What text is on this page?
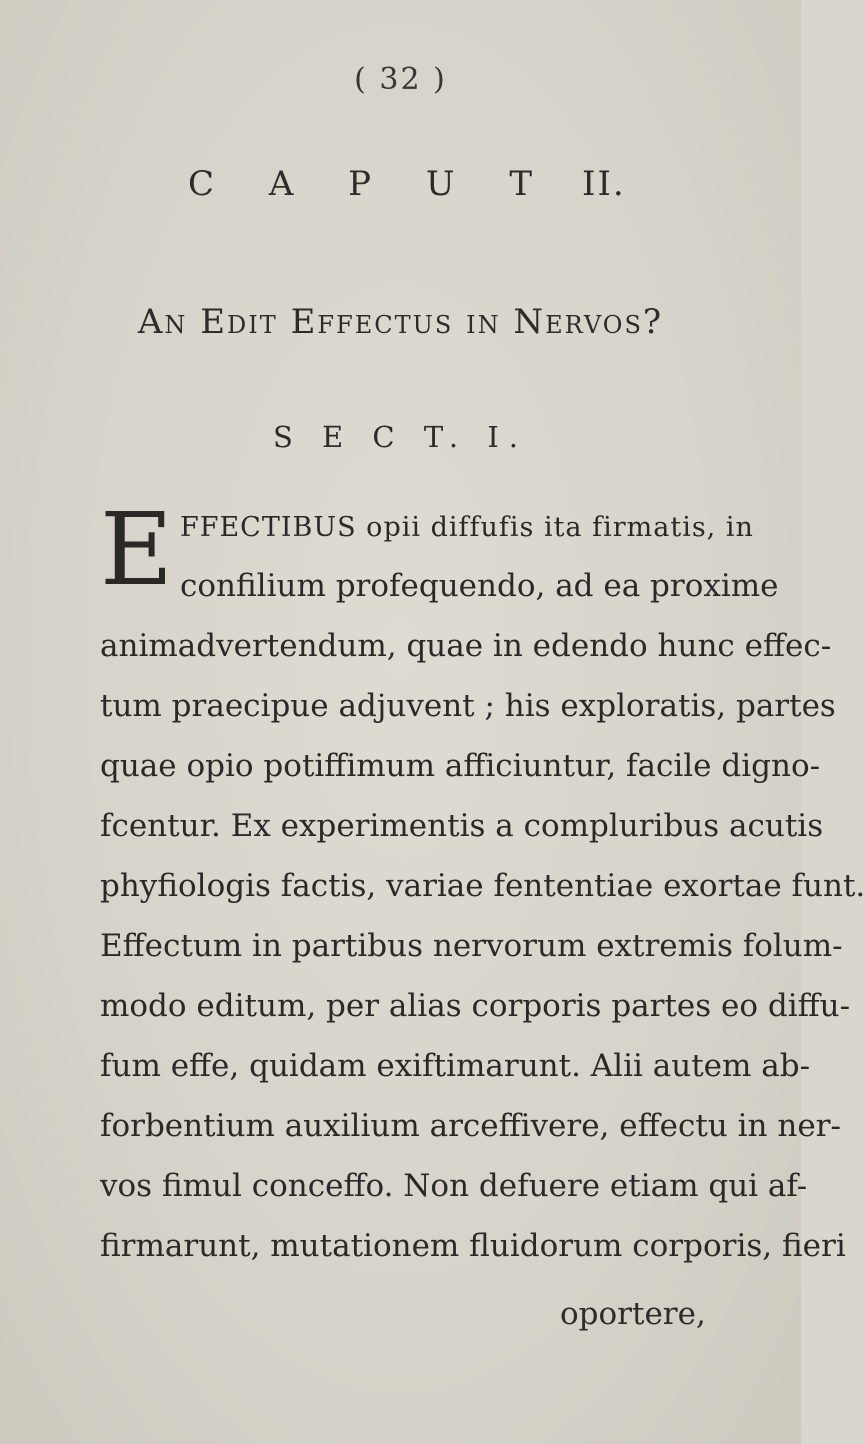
( 32 )
C A P U T II.
An Edit Effectus in Nervos?
S E C T. I.
E FFECTIBUS opii diffufis ita firmatis, in
confilium profequendo, ad ea proxime
animadvertendum, quae in edendo hunc effec-
tum praecipue adjuvent ; his exploratis, partes
quae opio potiffimum afficiuntur, facile digno-
fcentur. Ex experimentis a compluribus acutis
phyfiologis factis, variae fententiae exortae funt.
Effectum in partibus nervorum extremis folum-
modo editum, per alias corporis partes eo diffu-
fum effe, quidam exiftimarunt. Alii autem ab-
forbentium auxilium arceffivere, effectu in ner-
vos fimul conceffo. Non defuere etiam qui af-
firmarunt, mutationem fluidorum corporis, fieri
oportere,
